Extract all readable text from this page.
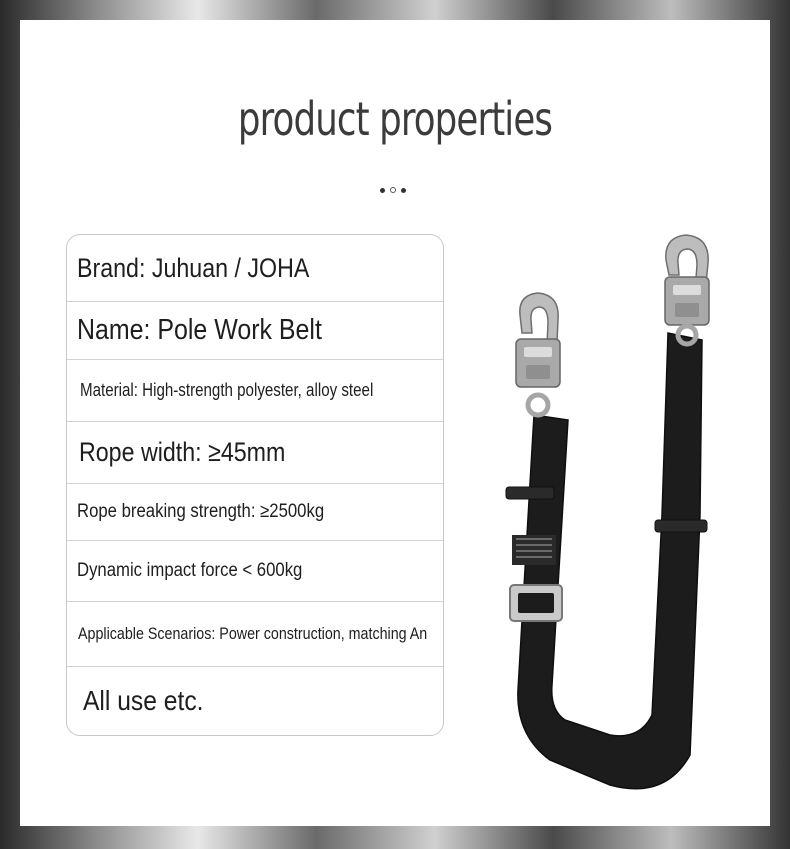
product properties
Brand: Juhuan / JOHA
Name: Pole Work Belt
Material: High-strength polyester, alloy steel
Rope width: ≥45mm
Rope breaking strength: ≥2500kg
Dynamic impact force < 600kg
Applicable Scenarios: Power construction, matching An
All use etc.
